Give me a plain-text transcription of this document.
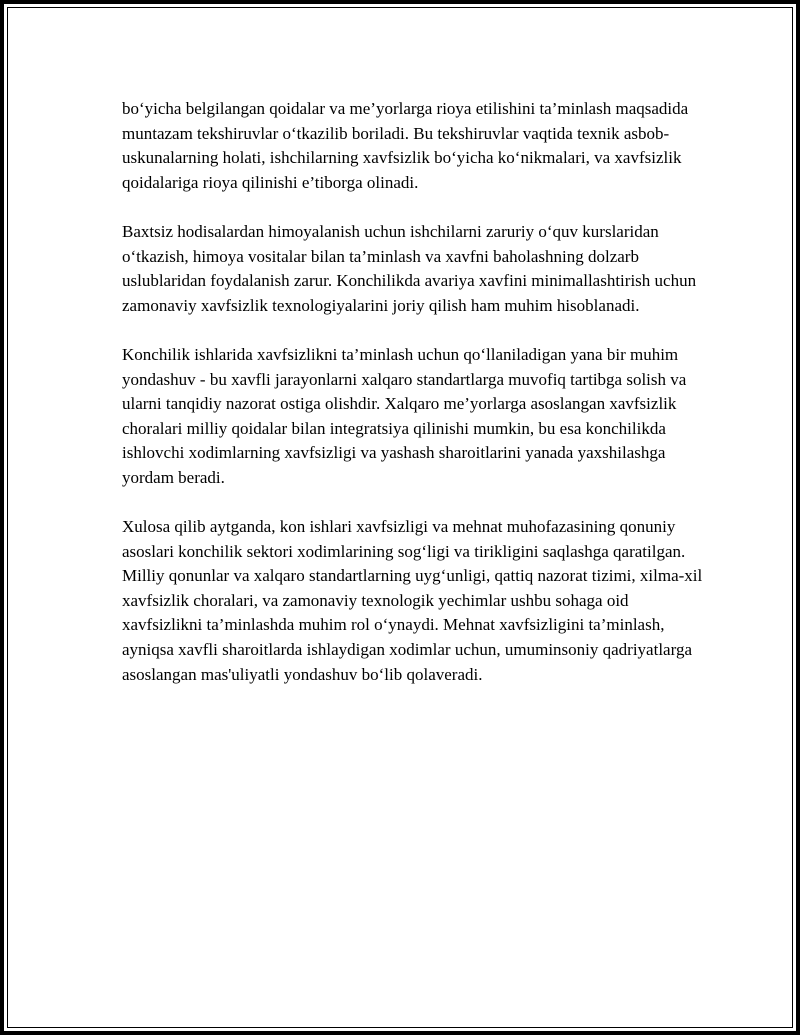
bo‘yicha belgilangan qoidalar va me’yorlarga rioya etilishini ta’minlash maqsadida muntazam tekshiruvlar o‘tkazilib boriladi. Bu tekshiruvlar vaqtida texnik asbob-uskunalarning holati, ishchilarning xavfsizlik bo‘yicha ko‘nikmalari, va xavfsizlik qoidalariga rioya qilinishi e’tiborga olinadi.

Baxtsiz hodisalardan himoyalanish uchun ishchilarni zaruriy o‘quv kurslaridan o‘tkazish, himoya vositalar bilan ta’minlash va xavfni baholashning dolzarb uslublaridan foydalanish zarur. Konchilikda avariya xavfini minimallashtirish uchun zamonaviy xavfsizlik texnologiyalarini joriy qilish ham muhim hisoblanadi.

Konchilik ishlarida xavfsizlikni ta’minlash uchun qo‘llaniladigan yana bir muhim yondashuv - bu xavfli jarayonlarni xalqaro standartlarga muvofiq tartibga solish va ularni tanqidiy nazorat ostiga olishdir. Xalqaro me’yorlarga asoslangan xavfsizlik choralari milliy qoidalar bilan integratsiya qilinishi mumkin, bu esa konchilikda ishlovchi xodimlarning xavfsizligi va yashash sharoitlarini yanada yaxshilashga yordam beradi.

Xulosa qilib aytganda, kon ishlari xavfsizligi va mehnat muhofazasining qonuniy asoslari konchilik sektori xodimlarining sog‘ligi va tirikligini saqlashga qaratilgan. Milliy qonunlar va xalqaro standartlarning uyg‘unligi, qattiq nazorat tizimi, xilma-xil xavfsizlik choralari, va zamonaviy texnologik yechimlar ushbu sohaga oid xavfsizlikni ta’minlashda muhim rol o‘ynaydi. Mehnat xavfsizligini ta’minlash, ayniqsa xavfli sharoitlarda ishlaydigan xodimlar uchun, umuminsoniy qadriyatlarga asoslangan mas'uliyatli yondashuv bo‘lib qolaveradi.
